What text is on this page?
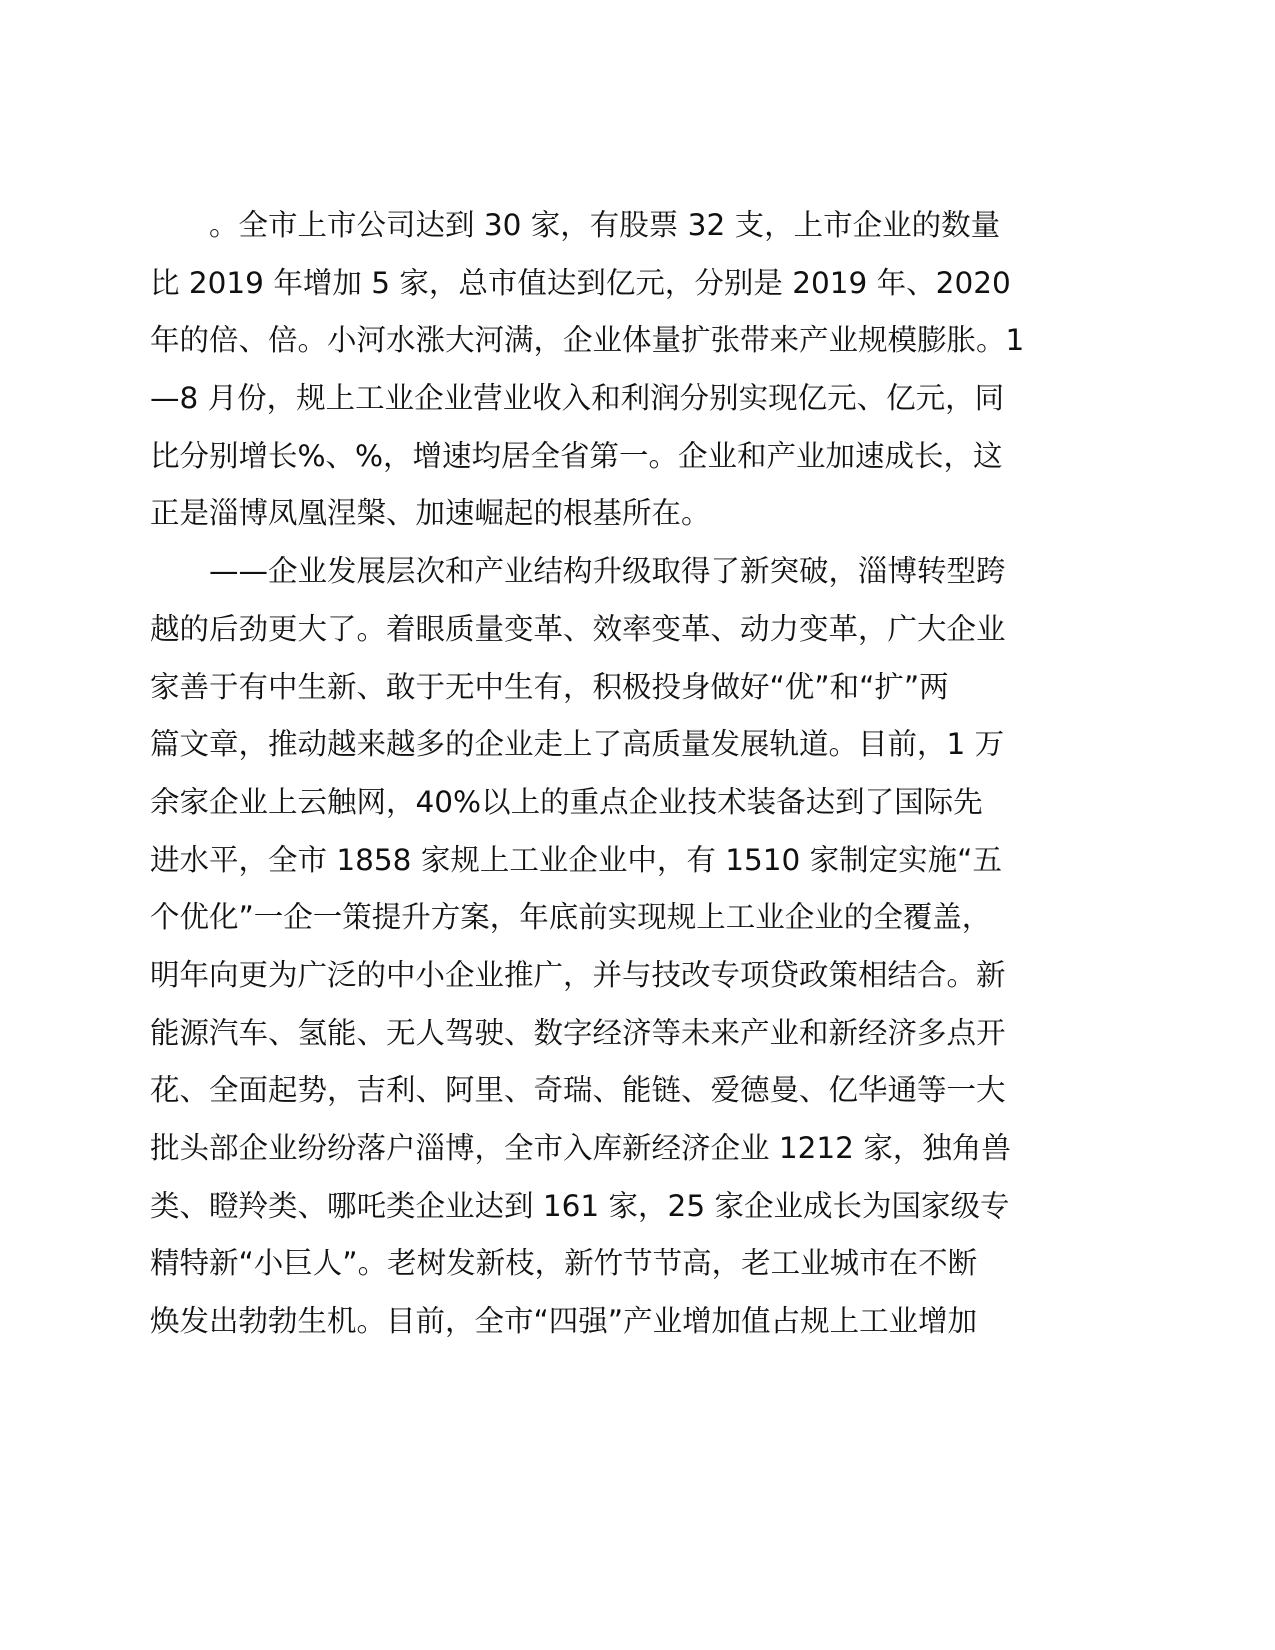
。全市上市公司达到 30 家，有股票 32 支，上市企业的数量
比 2019 年增加 5 家，总市值达到亿元，分别是 2019 年、2020
年的倍、倍。小河水涨大河满，企业体量扩张带来产业规模膨胀。1
—8 月份，规上工业企业营业收入和利润分别实现亿元、亿元，同
比分别增长%、%，增速均居全省第一。企业和产业加速成长，这
正是淄博凤凰涅槃、加速崛起的根基所在。
——企业发展层次和产业结构升级取得了新突破，淄博转型跨
越的后劲更大了。着眼质量变革、效率变革、动力变革，广大企业
家善于有中生新、敢于无中生有，积极投身做好“优”和“扩”两
篇文章，推动越来越多的企业走上了高质量发展轨道。目前，1 万
余家企业上云触网，40%以上的重点企业技术装备达到了国际先
进水平，全市 1858 家规上工业企业中，有 1510 家制定实施“五
个优化”一企一策提升方案，年底前实现规上工业企业的全覆盖，
明年向更为广泛的中小企业推广，并与技改专项贷政策相结合。新
能源汽车、氢能、无人驾驶、数字经济等未来产业和新经济多点开
花、全面起势，吉利、阿里、奇瑞、能链、爱德曼、亿华通等一大
批头部企业纷纷落户淄博，全市入库新经济企业 1212 家，独角兽
类、瞪羚类、哪吒类企业达到 161 家，25 家企业成长为国家级专
精特新“小巨人”。老树发新枝，新竹节节高，老工业城市在不断
焕发出勃勃生机。目前，全市“四强”产业增加值占规上工业增加
